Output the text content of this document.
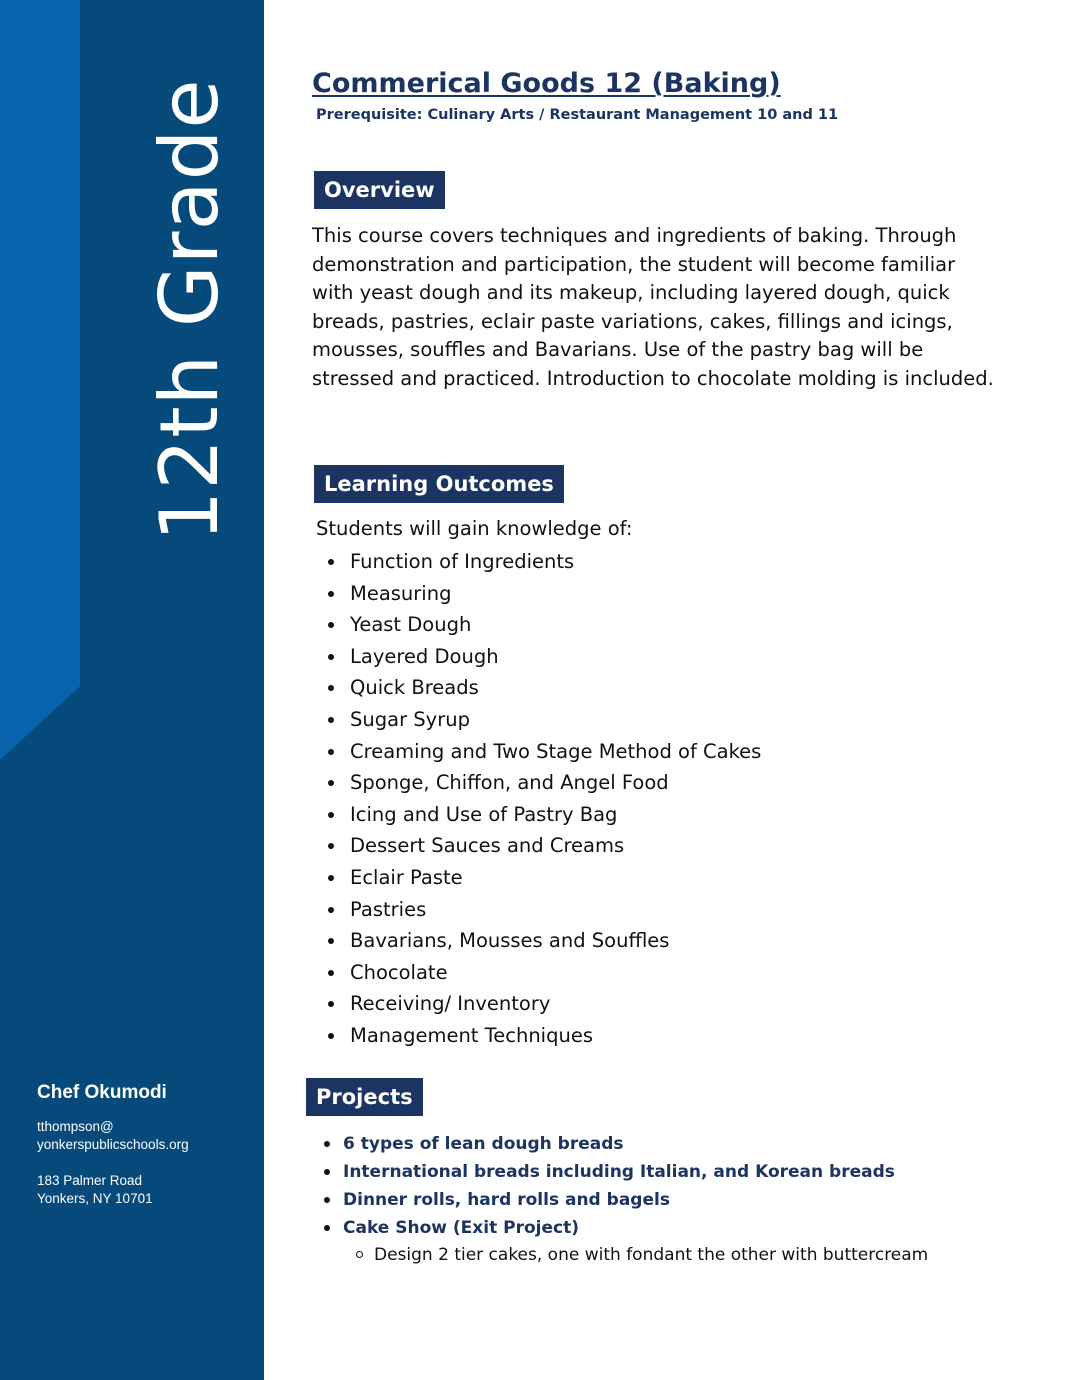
12th Grade
Chef Okumodi
tthompson@
yonkerspublicschools.org
183 Palmer Road
Yonkers, NY 10701
Commerical Goods 12 (Baking)
Prerequisite: Culinary Arts / Restaurant Management 10 and 11
Overview

This course covers techniques and ingredients of baking. Through demonstration and participation, the student will become familiar with yeast dough and its makeup, including layered dough, quick breads, pastries, eclair paste variations, cakes, fillings and icings, mousses, souffles and Bavarians. Use of the pastry bag will be stressed and practiced. Introduction to chocolate molding is included.

Learning Outcomes
Students will gain knowledge of:
Function of Ingredients
Measuring
Yeast Dough
Layered Dough
Quick Breads
Sugar Syrup
Creaming and Two Stage Method of Cakes
Sponge, Chiffon, and Angel Food
Icing and Use of Pastry Bag
Dessert Sauces and Creams
Eclair Paste
Pastries
Bavarians, Mousses and Souffles
Chocolate
Receiving/ Inventory
Management Techniques
Projects
6 types of lean dough breads
International breads including Italian, and Korean breads
Dinner rolls, hard rolls and bagels
Cake Show (Exit Project)
Design 2 tier cakes, one with fondant the other with buttercream
